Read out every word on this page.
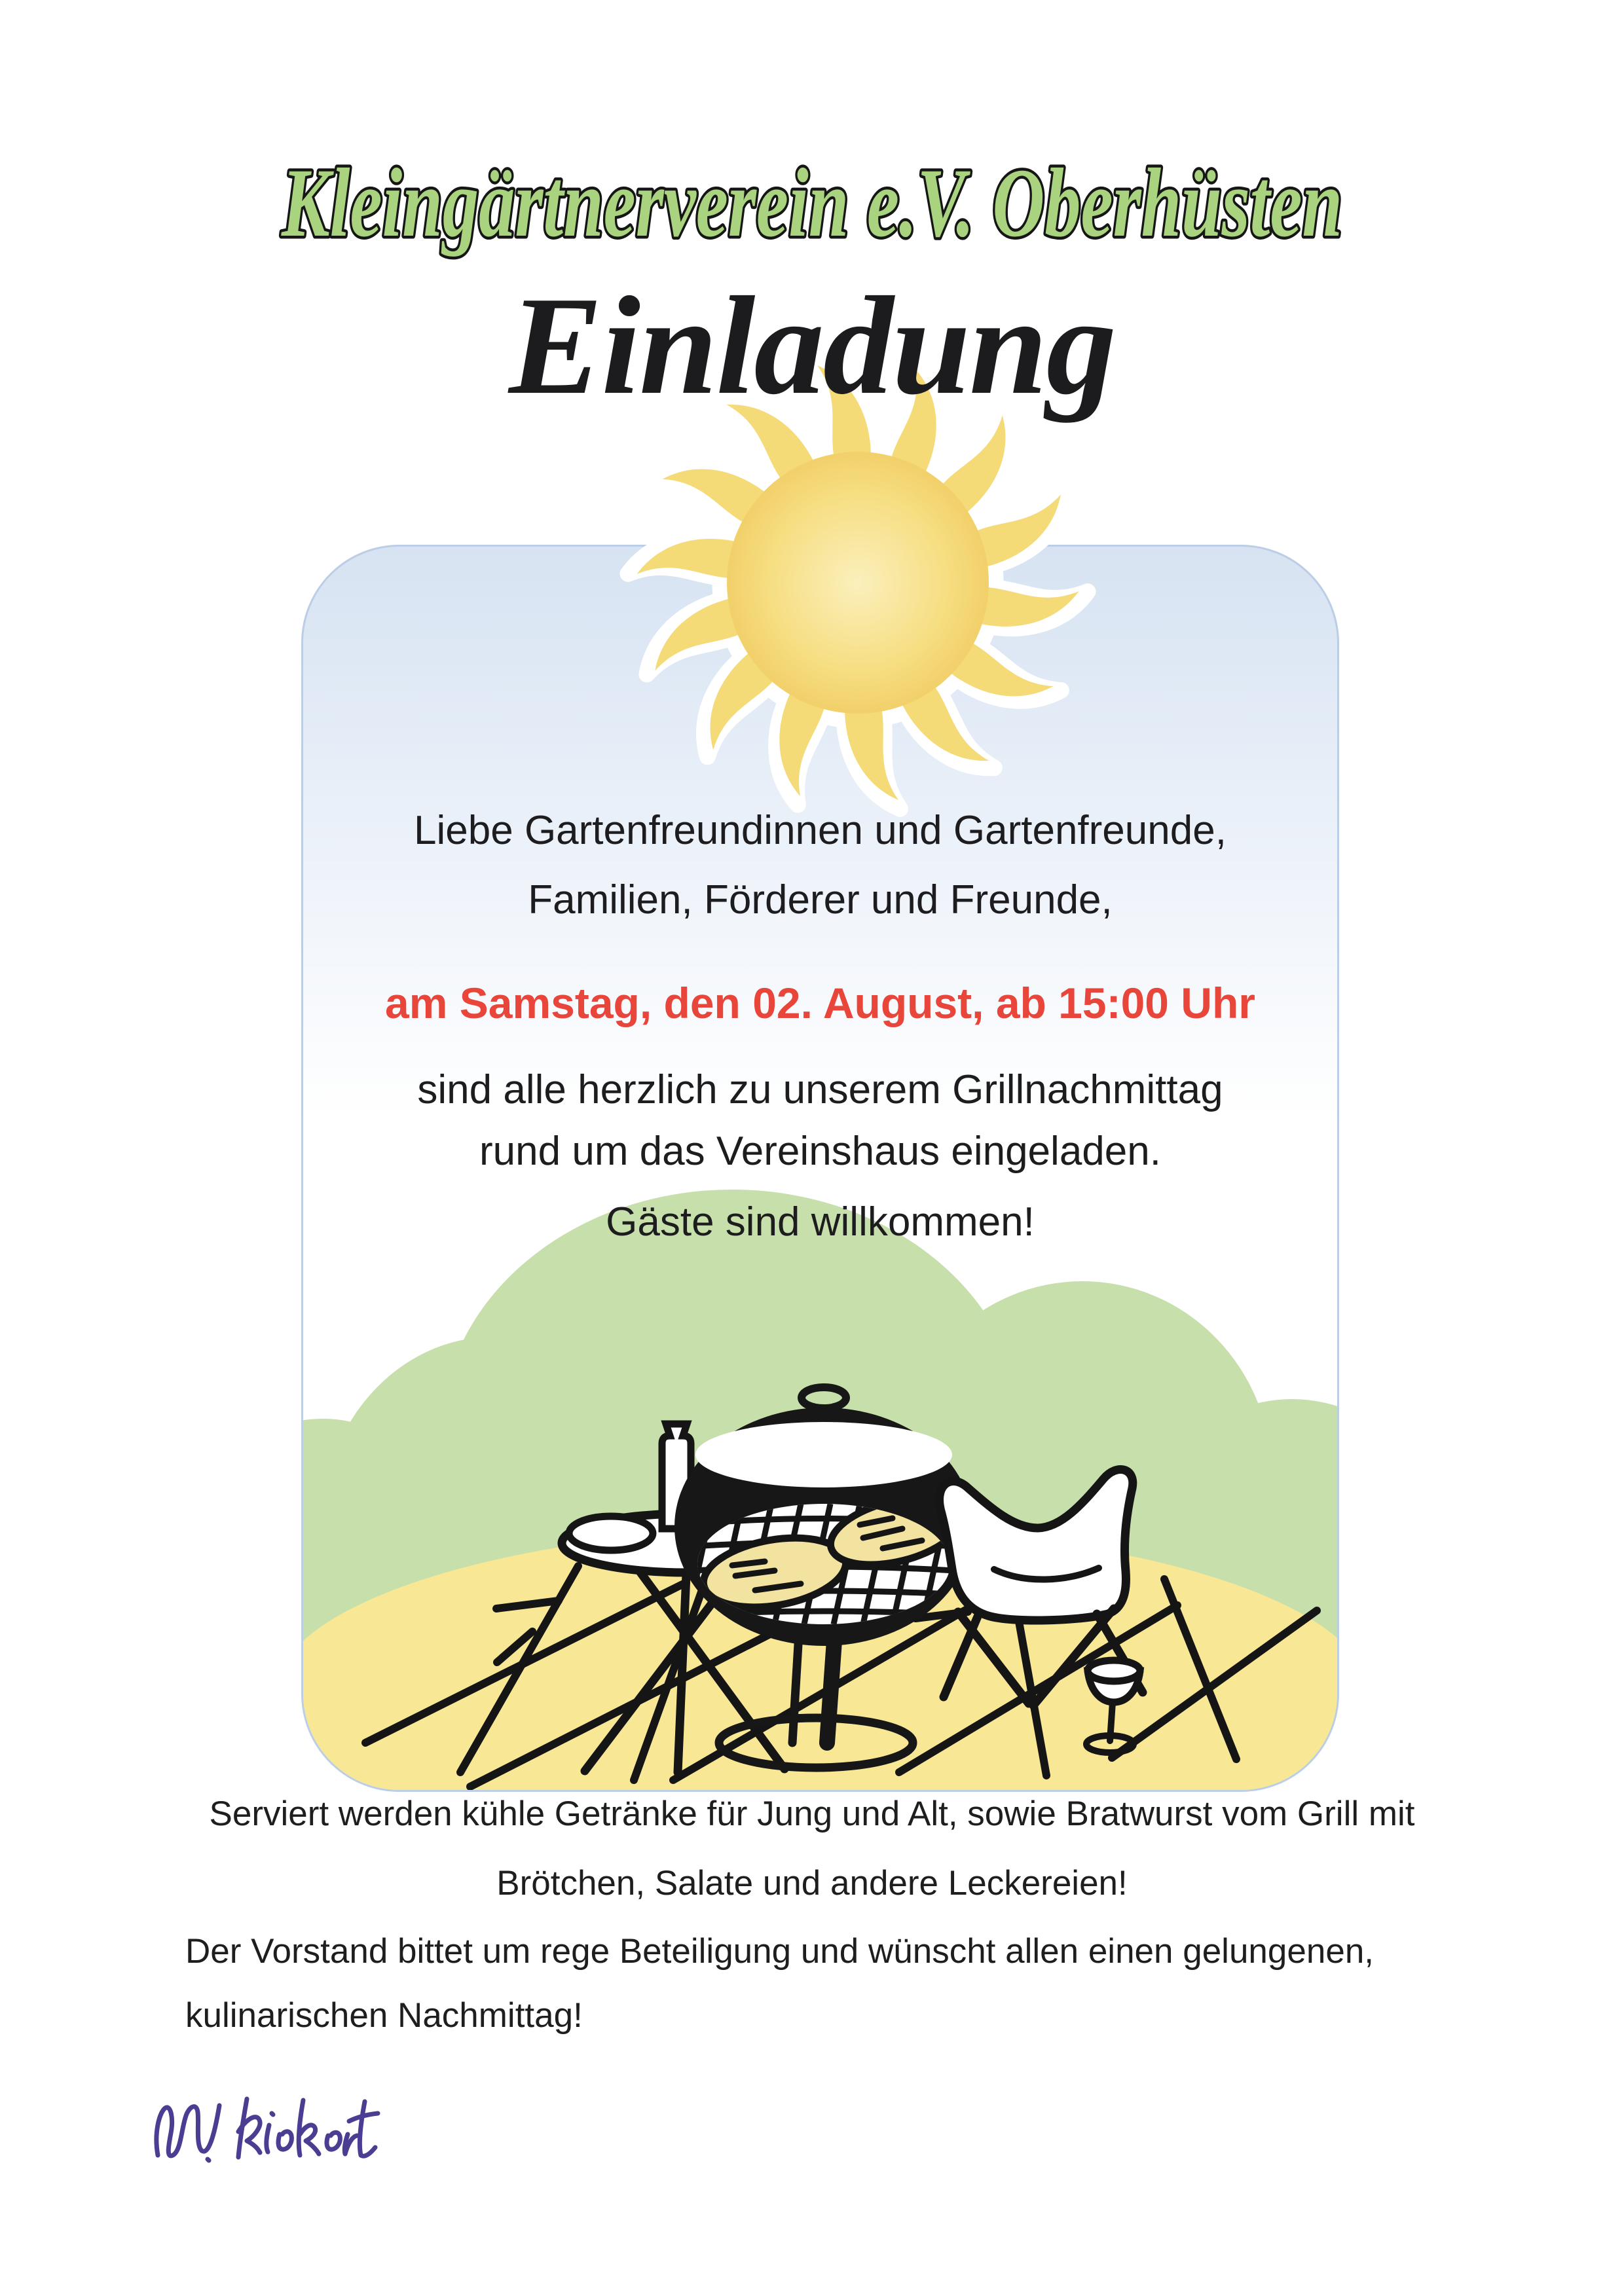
Kleingärtnerverein e.V. Oberhüsten
Einladung
Liebe Gartenfreundinnen und Gartenfreunde,
Familien, Förderer und Freunde,
am Samstag, den 02. August, ab 15:00 Uhr
sind alle herzlich zu unserem Grillnachmittag
rund um das Vereinshaus eingeladen.
Gäste sind willkommen!
Serviert werden kühle Getränke für Jung und Alt, sowie Bratwurst vom Grill mit
Brötchen, Salate und andere Leckereien!
Der Vorstand bittet um rege Beteiligung und wünscht allen einen gelungenen,
kulinarischen Nachmittag!
